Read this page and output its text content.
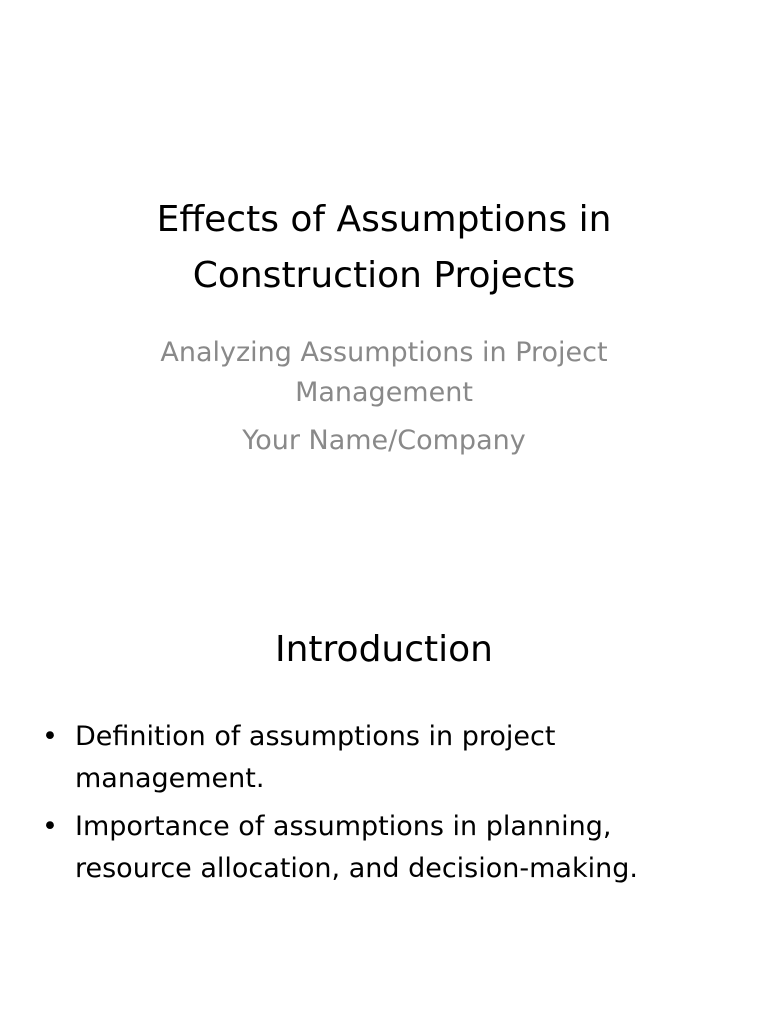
Effects of Assumptions in
Construction Projects

Analyzing Assumptions in Project
Management

Your Name/Company

Introduction
• Definition of assumptions in project management.
• Importance of assumptions in planning, resource allocation, and decision-making.
